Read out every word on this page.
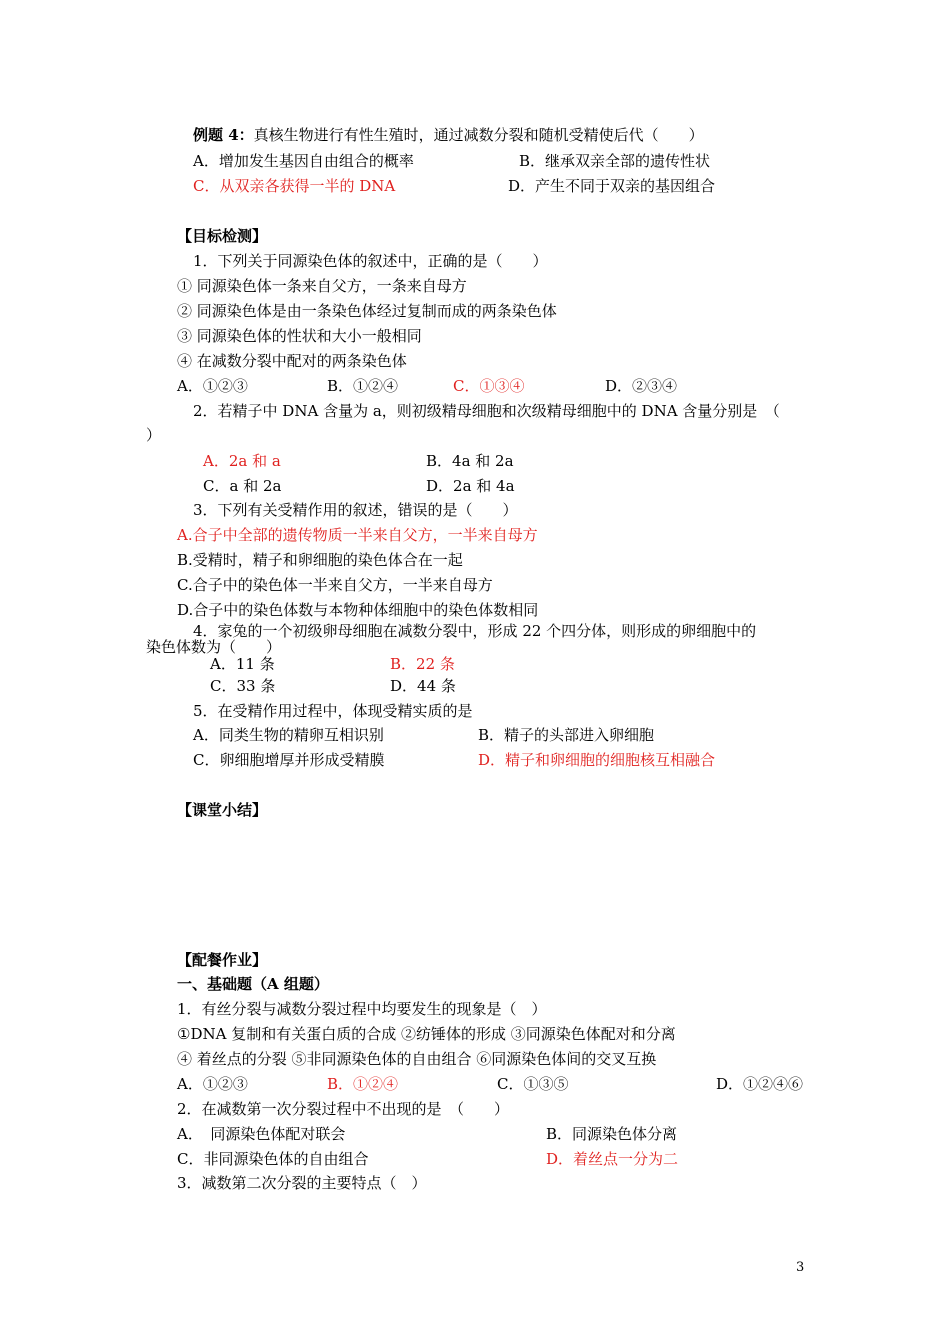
例题 4：真核生物进行有性生殖时，通过减数分裂和随机受精使后代（　　）
A．增加发生基因自由组合的概率	B．继承双亲全部的遗传性状
C．从双亲各获得一半的 DNA	D．产生不同于双亲的基因组合
【目标检测】
1．下列关于同源染色体的叙述中，正确的是（　　）
① 同源染色体一条来自父方，一条来自母方
② 同源染色体是由一条染色体经过复制而成的两条染色体
③ 同源染色体的性状和大小一般相同
④ 在减数分裂中配对的两条染色体
A．①②③	B．①②④	C．①③④	D．②③④
2．若精子中 DNA 含量为 a，则初级精母细胞和次级精母细胞中的 DNA 含量分别是　（
）
A．2a 和 a	B．4a 和 2a
C．a 和 2a	D．2a 和 4a
3．下列有关受精作用的叙述，错误的是（　　）
A.合子中全部的遗传物质一半来自父方，一半来自母方
B.受精时，精子和卵细胞的染色体合在一起
C.合子中的染色体一半来自父方，一半来自母方
D.合子中的染色体数与本物种体细胞中的染色体数相同
4．家兔的一个初级卵母细胞在减数分裂中，形成 22 个四分体，则形成的卵细胞中的
染色体数为（　　）
A．11 条	B．22 条
C．33 条	D．44 条
5．在受精作用过程中，体现受精实质的是
A．同类生物的精卵互相识别	B．精子的头部进入卵细胞
C．卵细胞增厚并形成受精膜	D．精子和卵细胞的细胞核互相融合
【课堂小结】
【配餐作业】
一、基础题（A 组题）
1．有丝分裂与减数分裂过程中均要发生的现象是（　）
①DNA 复制和有关蛋白质的合成 ②纺锤体的形成 ③同源染色体配对和分离
④ 着丝点的分裂 ⑤非同源染色体的自由组合 ⑥同源染色体间的交叉互换
A．①②③	B．①②④	C．①③⑤	D．①②④⑥
2．在减数第一次分裂过程中不出现的是　（　　）
A．　同源染色体配对联会	B．同源染色体分离
C．非同源染色体的自由组合	D．着丝点一分为二
3．减数第二次分裂的主要特点（　）
3
